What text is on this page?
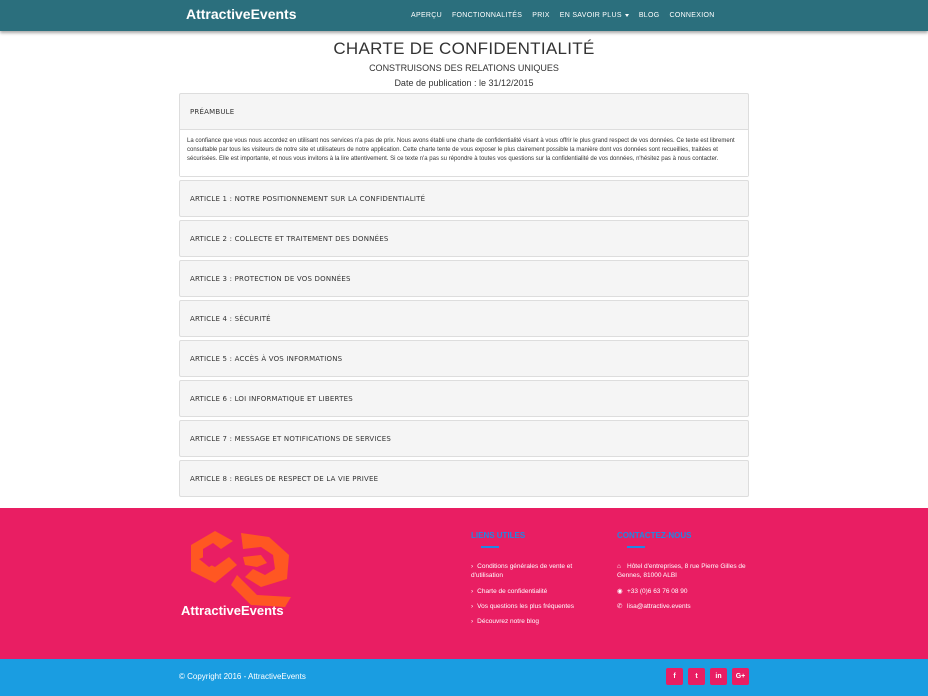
AttractiveEvents	APERÇU	FONCTIONNALITÉS	PRIX	EN SAVOIR PLUS	BLOG	CONNEXION
CHARTE DE CONFIDENTIALITÉ
CONSTRUISONS DES RELATIONS UNIQUES
Date de publication : le 31/12/2015
PRÉAMBULE
La confiance que vous nous accordez en utilisant nos services n'a pas de prix. Nous avons établi une charte de confidentialité visant à vous offrir le plus grand respect de vos données. Ce texte est librement consultable par tous les visiteurs de notre site et utilisateurs de notre application. Cette charte tente de vous exposer le plus clairement possible la manière dont vos données sont recueillies, traitées et sécurisées. Elle est importante, et nous vous invitons à la lire attentivement. Si ce texte n'a pas su répondre à toutes vos questions sur la confidentialité de vos données, n'hésitez pas à nous contacter.
ARTICLE 1 : NOTRE POSITIONNEMENT SUR LA CONFIDENTIALITÉ
ARTICLE 2 : COLLECTE ET TRAITEMENT DES DONNÉES
ARTICLE 3 : PROTECTION DE VOS DONNÉES
ARTICLE 4 : SÉCURITÉ
ARTICLE 5 : ACCÈS À VOS INFORMATIONS
ARTICLE 6 : LOI INFORMATIQUE ET LIBERTES
ARTICLE 7 : MESSAGE ET NOTIFICATIONS DE SERVICES
ARTICLE 8 : REGLES DE RESPECT DE LA VIE PRIVEE
AttractiveEvents
LIENS UTILES
› Conditions générales de vente et d'utilisation
› Charte de confidentialité
› Vos questions les plus fréquentes
› Découvrez notre blog
CONTACTEZ-NOUS
⌂ Hôtel d'entreprises, 8 rue Pierre Gilles de Gennes, 81000 ALBI
◉ +33 (0)6 63 76 08 90
✆ lisa@attractive.events
© Copyright 2016 - AttractiveEvents	f	t	in	G+
